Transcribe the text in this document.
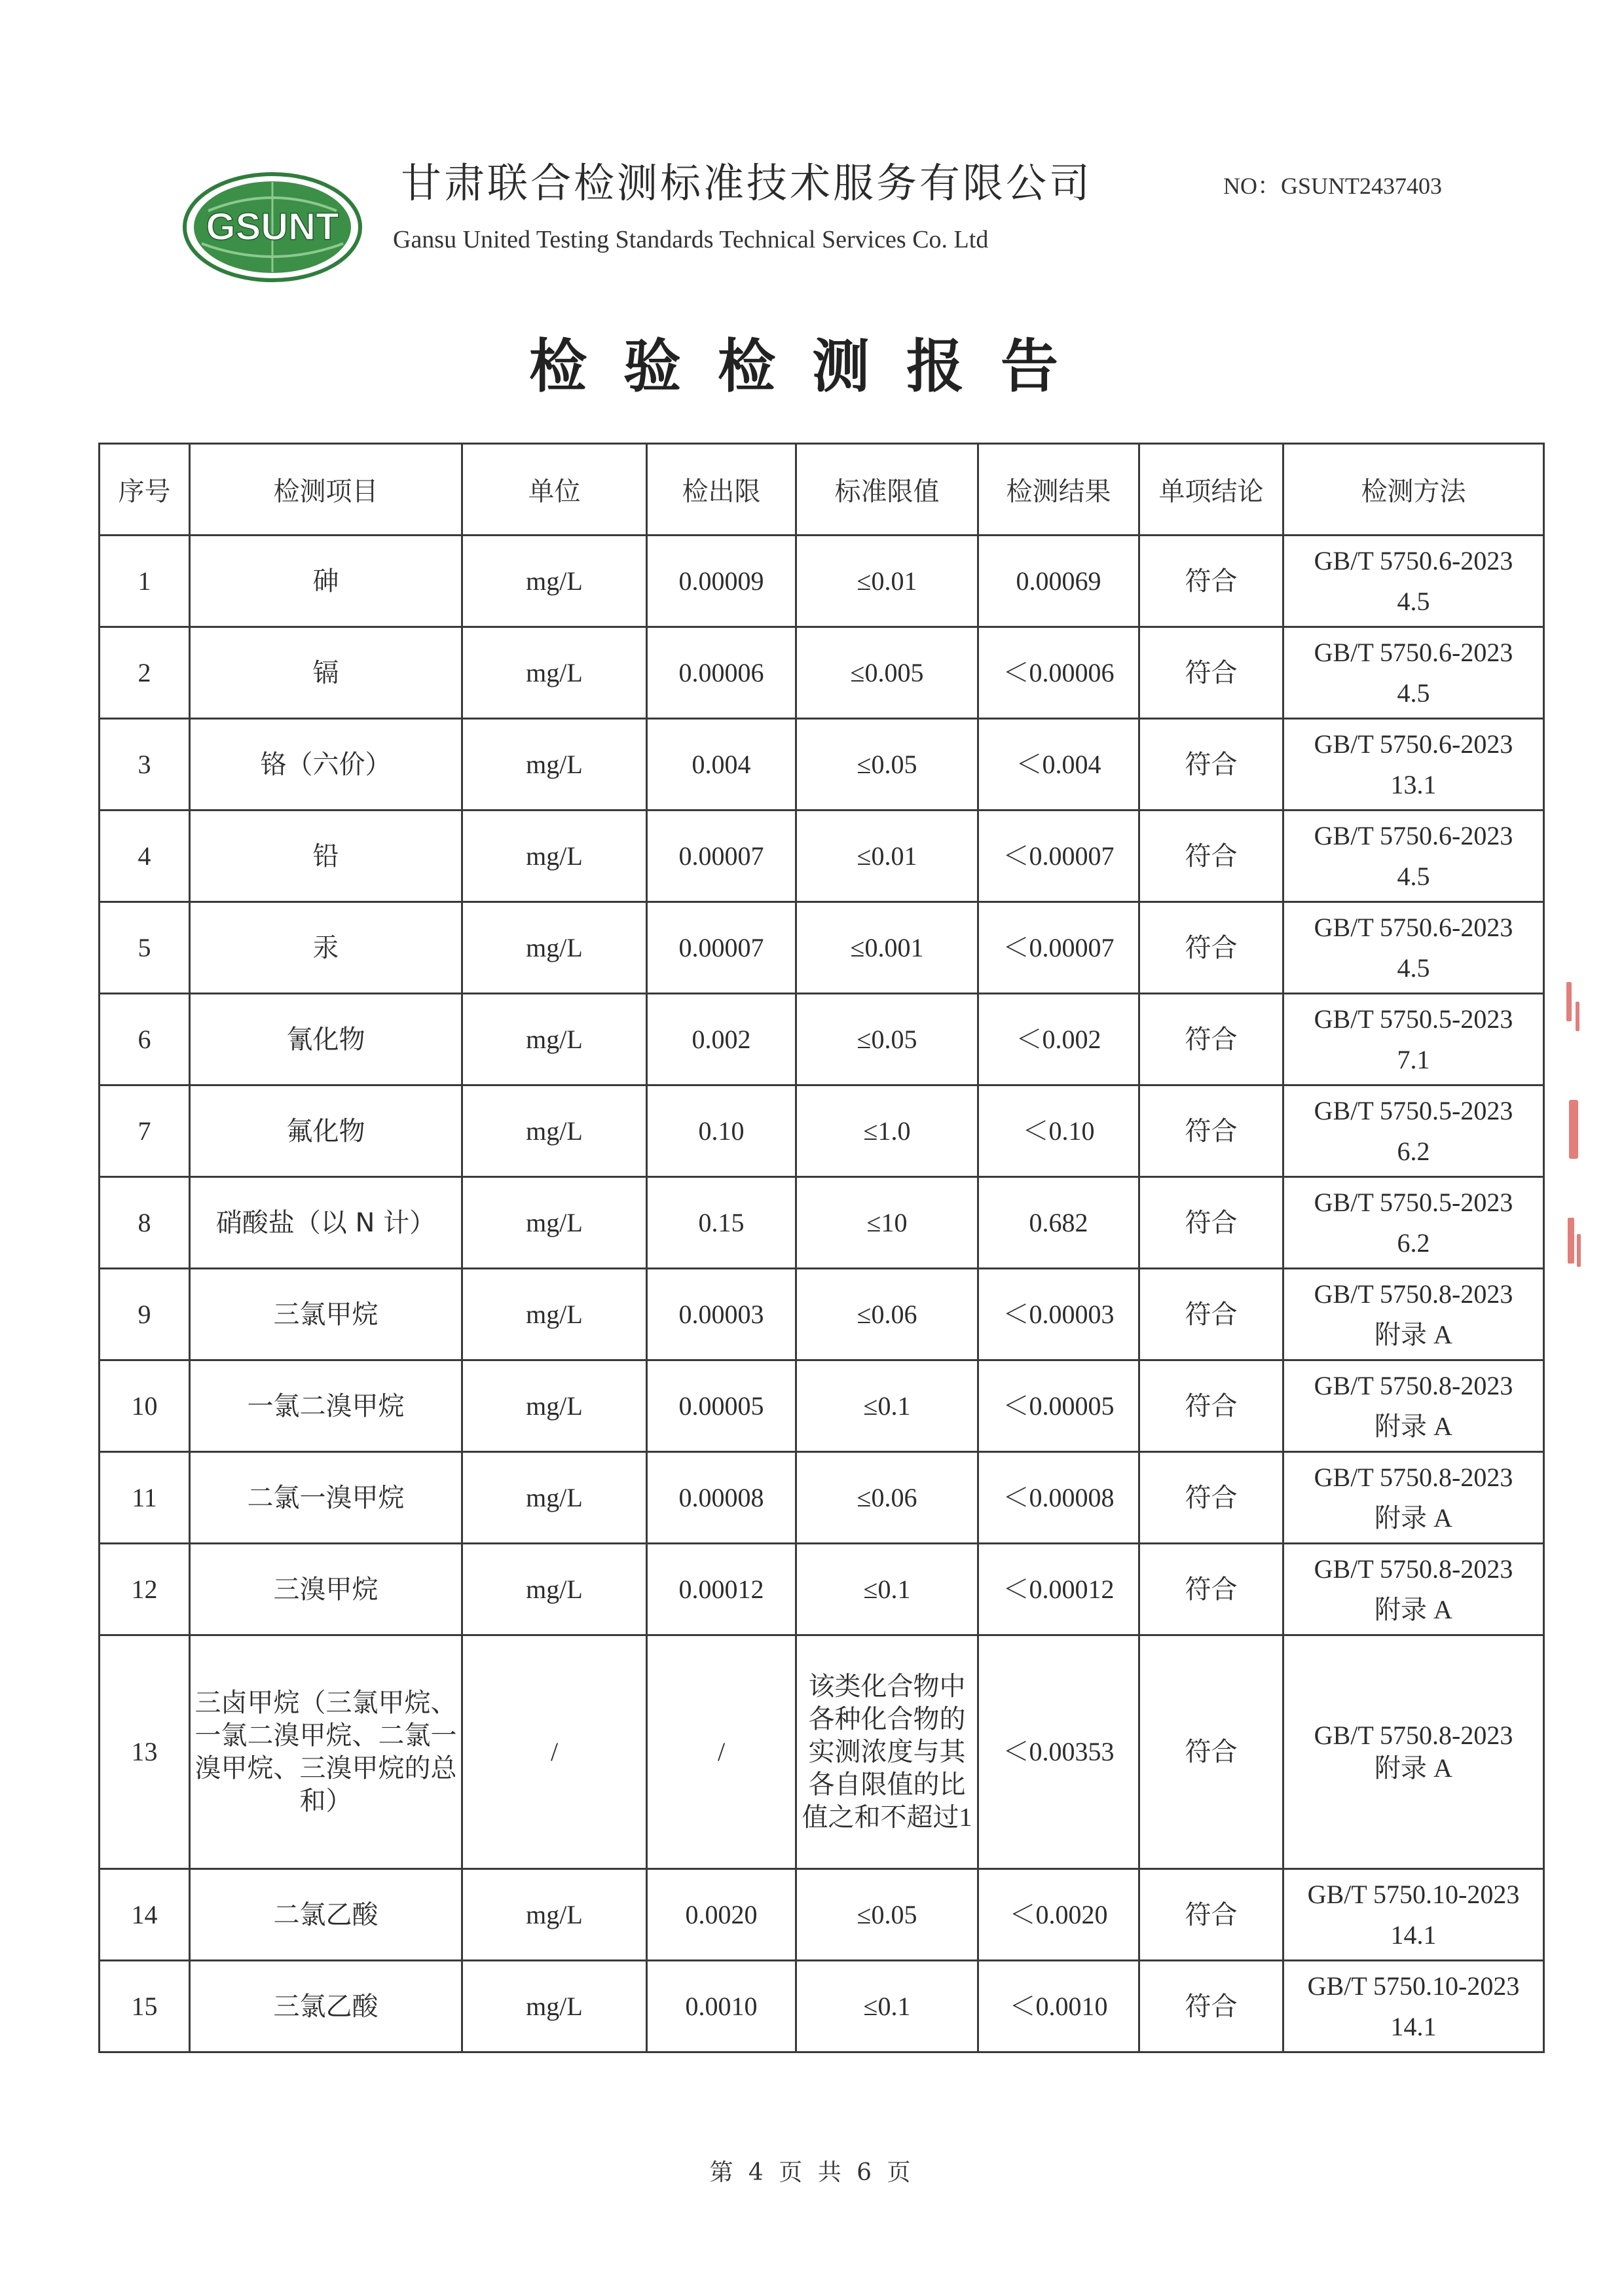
GSUNT
甘肃联合检测标准技术服务有限公司
Gansu United Testing Standards Technical Services Co. Ltd
NO：GSUNT2437403
检验检测报告
序号	检测项目	单位	检出限	标准限值	检测结果	单项结论	检测方法
1	砷	mg/L	0.00009	≤0.01	0.00069	符合	GB/T 5750.6-2023
4.5
2	镉	mg/L	0.00006	≤0.005	＜0.00006	符合	GB/T 5750.6-2023
4.5
3	铬（六价）	mg/L	0.004	≤0.05	＜0.004	符合	GB/T 5750.6-2023
13.1
4	铅	mg/L	0.00007	≤0.01	＜0.00007	符合	GB/T 5750.6-2023
4.5
5	汞	mg/L	0.00007	≤0.001	＜0.00007	符合	GB/T 5750.6-2023
4.5
6	氰化物	mg/L	0.002	≤0.05	＜0.002	符合	GB/T 5750.5-2023
7.1
7	氟化物	mg/L	0.10	≤1.0	＜0.10	符合	GB/T 5750.5-2023
6.2
8	硝酸盐（以 N 计）	mg/L	0.15	≤10	0.682	符合	GB/T 5750.5-2023
6.2
9	三氯甲烷	mg/L	0.00003	≤0.06	＜0.00003	符合	GB/T 5750.8-2023
附录 A
10	一氯二溴甲烷	mg/L	0.00005	≤0.1	＜0.00005	符合	GB/T 5750.8-2023
附录 A
11	二氯一溴甲烷	mg/L	0.00008	≤0.06	＜0.00008	符合	GB/T 5750.8-2023
附录 A
12	三溴甲烷	mg/L	0.00012	≤0.1	＜0.00012	符合	GB/T 5750.8-2023
附录 A
13	三卤甲烷（三氯甲烷、一氯二溴甲烷、二氯一溴甲烷、三溴甲烷的总和）	/	/	该类化合物中各种化合物的实测浓度与其各自限值的比值之和不超过1	＜0.00353	符合	GB/T 5750.8-2023
附录 A
14	二氯乙酸	mg/L	0.0020	≤0.05	＜0.0020	符合	GB/T 5750.10-2023
14.1
15	三氯乙酸	mg/L	0.0010	≤0.1	＜0.0010	符合	GB/T 5750.10-2023
14.1
第 4 页 共 6 页
